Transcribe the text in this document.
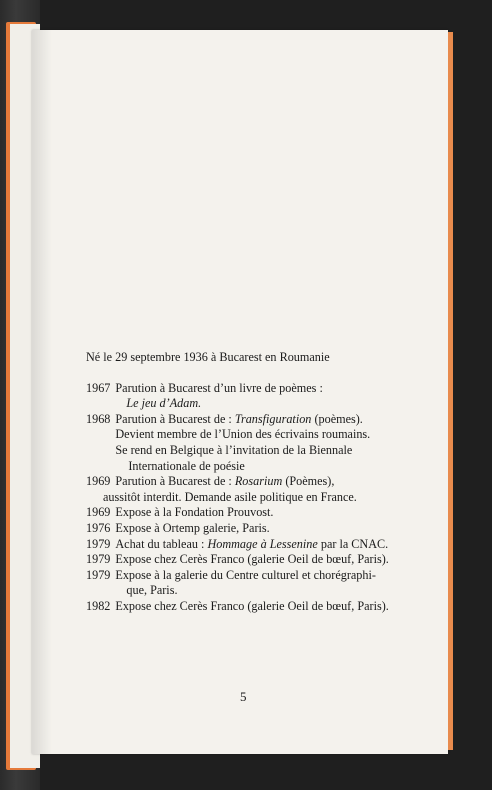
Né le 29 septembre 1936 à Bucarest en Roumanie

1967 Parution à Bucarest d’un livre de poèmes :
Le jeu d’Adam.
1968 Parution à Bucarest de : Transfiguration (poèmes).
Devient membre de l’Union des écrivains roumains.
Se rend en Belgique à l’invitation de la Biennale
Internationale de poésie
1969 Parution à Bucarest de : Rosarium (Poèmes),
aussitôt interdit. Demande asile politique en France.
1969 Expose à la Fondation Prouvost.
1976 Expose à Ortemp galerie, Paris.
1979 Achat du tableau : Hommage à Lessenine par la CNAC.
1979 Expose chez Cerès Franco (galerie Oeil de bœuf, Paris).
1979 Expose à la galerie du Centre culturel et chorégraphi-
que, Paris.
1982 Expose chez Cerès Franco (galerie Oeil de bœuf, Paris).
5
